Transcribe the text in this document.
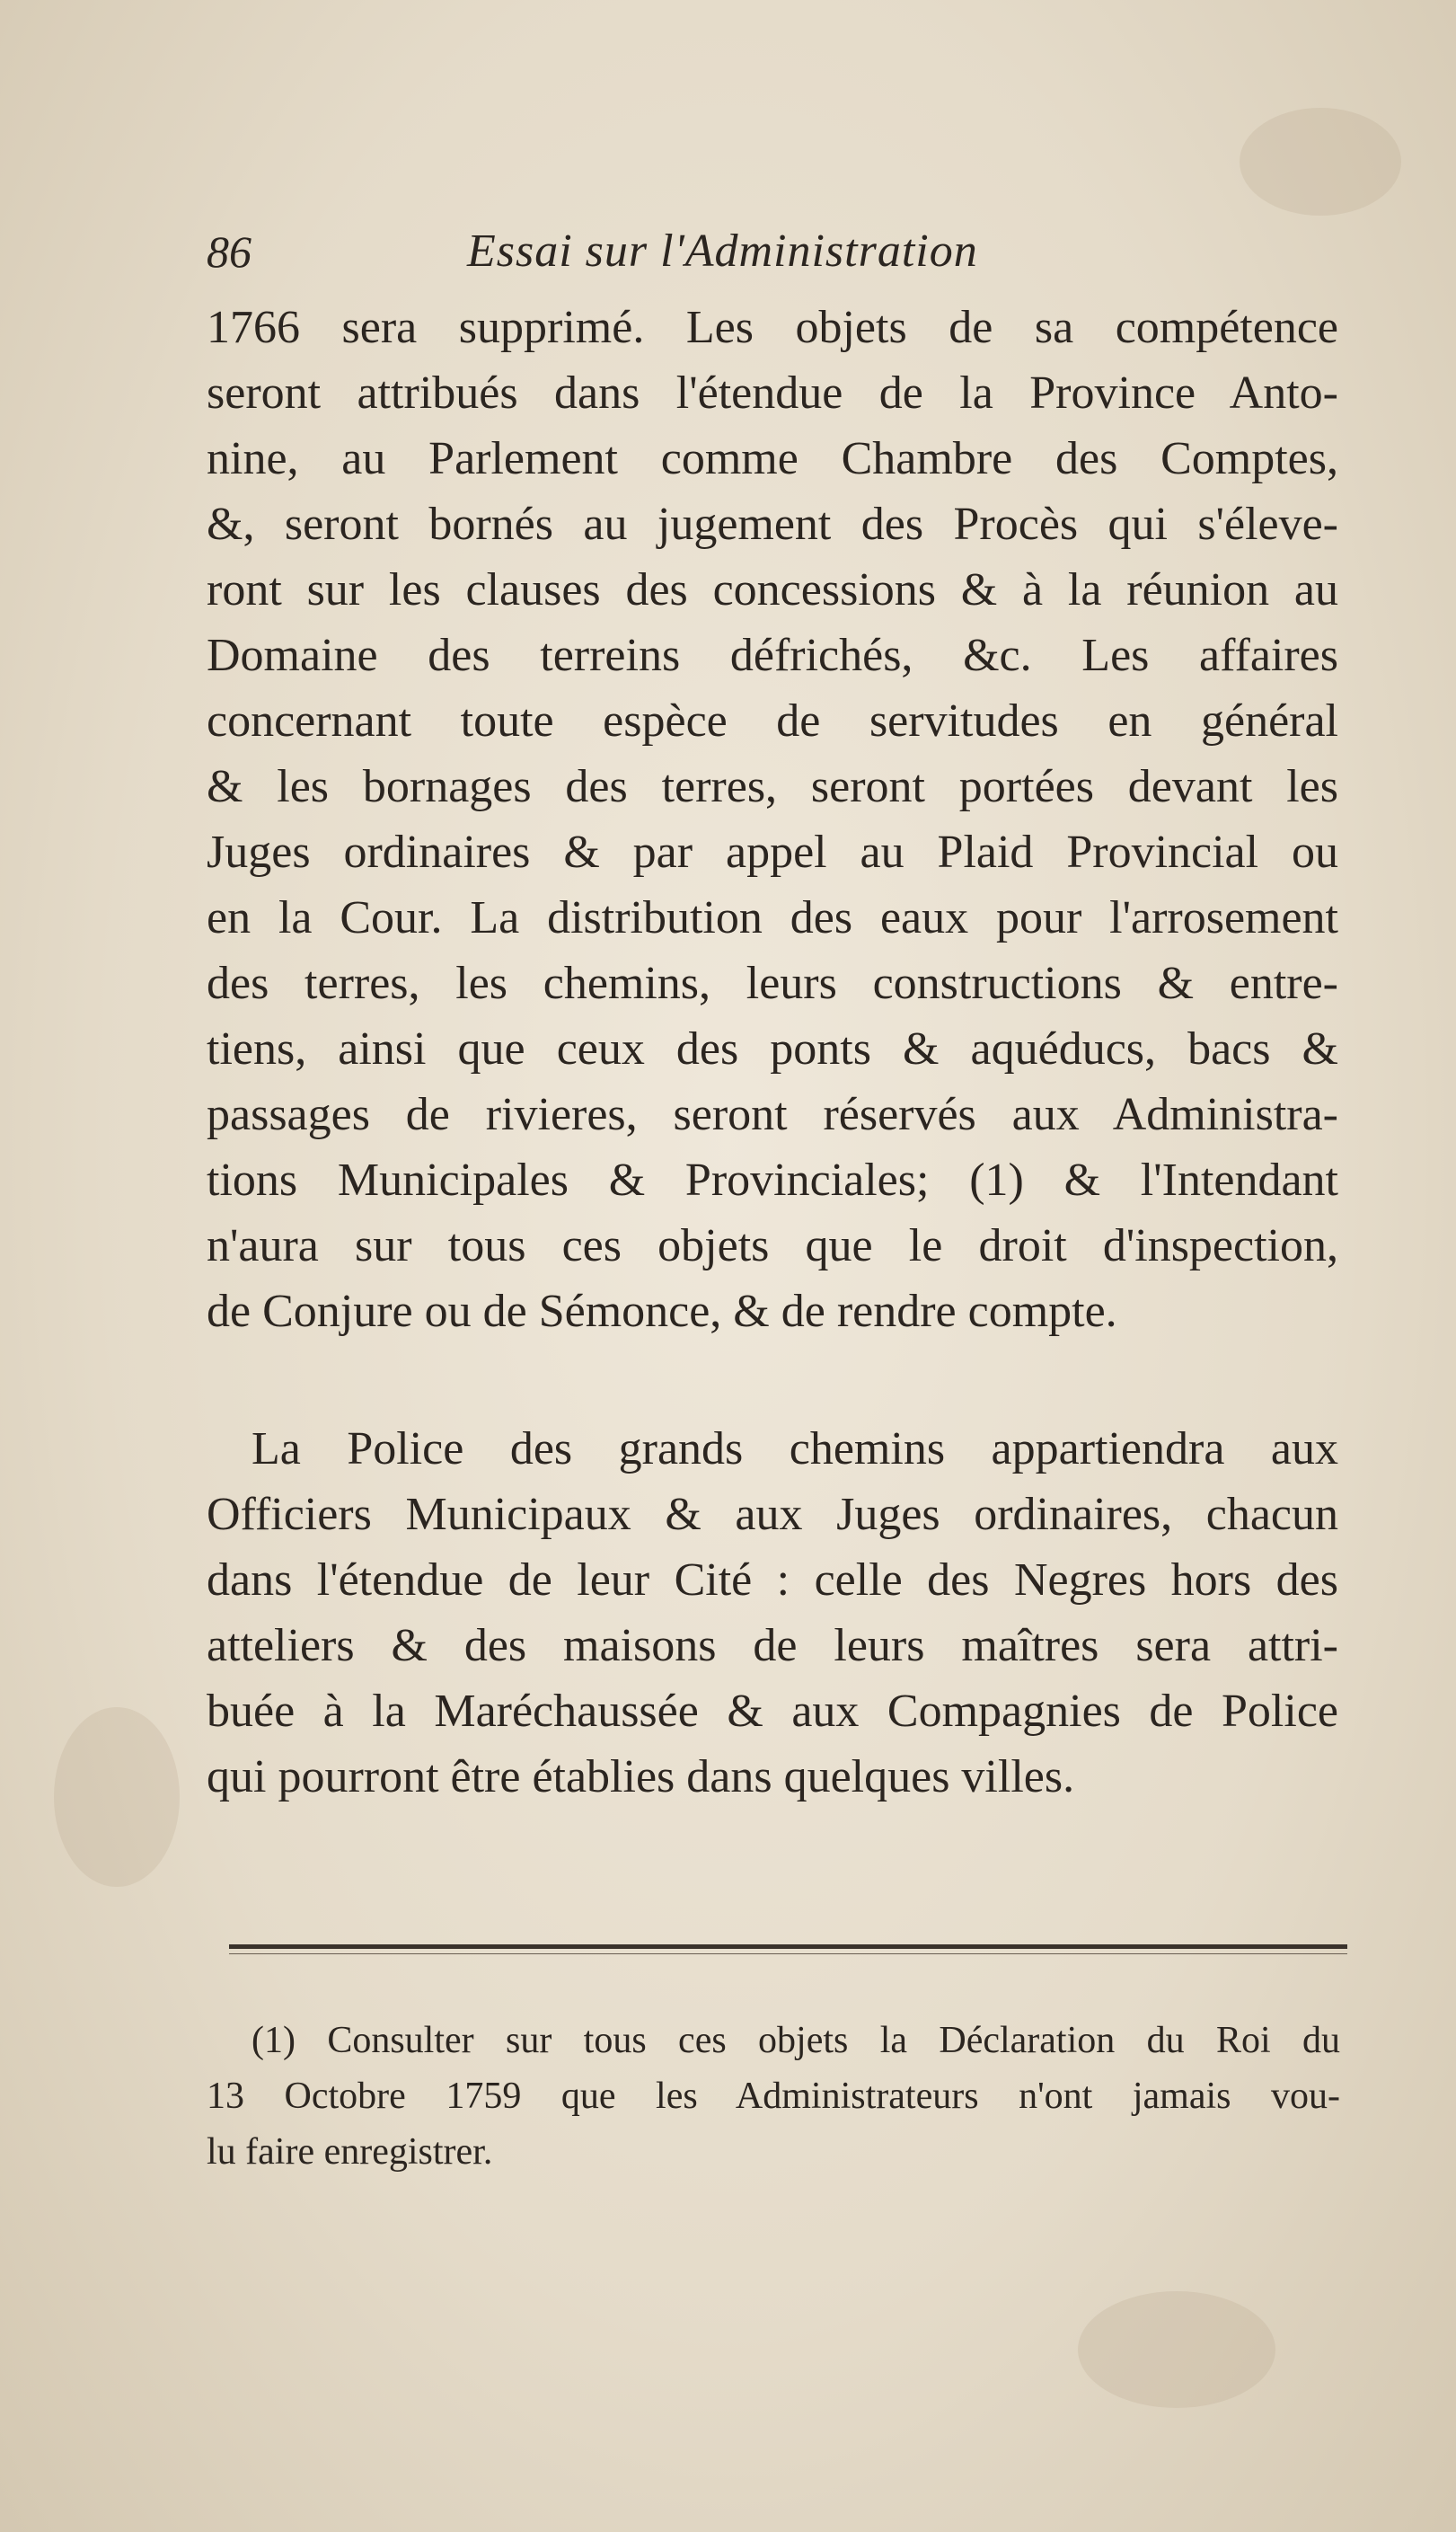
86	Essai sur l'Administration
1766 sera supprimé. Les objets de sa compétence
seront attribués dans l'étendue de la Province Anto-
nine, au Parlement comme Chambre des Comptes,
&, seront bornés au jugement des Procès qui s'éleve-
ront sur les clauses des concessions & à la réunion au
Domaine des terreins défrichés, &c. Les affaires
concernant toute espèce de servitudes en général
& les bornages des terres, seront portées devant les
Juges ordinaires & par appel au Plaid Provincial ou
en la Cour. La distribution des eaux pour l'arrosement
des terres, les chemins, leurs constructions & entre-
tiens, ainsi que ceux des ponts & aquéducs, bacs &
passages de rivieres, seront réservés aux Administra-
tions Municipales & Provinciales; (1) & l'Intendant
n'aura sur tous ces objets que le droit d'inspection,
de Conjure ou de Sémonce, & de rendre compte.
La Police des grands chemins appartiendra aux
Officiers Municipaux & aux Juges ordinaires, chacun
dans l'étendue de leur Cité : celle des Negres hors des
atteliers & des maisons de leurs maîtres sera attri-
buée à la Maréchaussée & aux Compagnies de Police
qui pourront être établies dans quelques villes.
(1) Consulter sur tous ces objets la Déclaration du Roi du
13 Octobre 1759 que les Administrateurs n'ont jamais vou-
lu faire enregistrer.
